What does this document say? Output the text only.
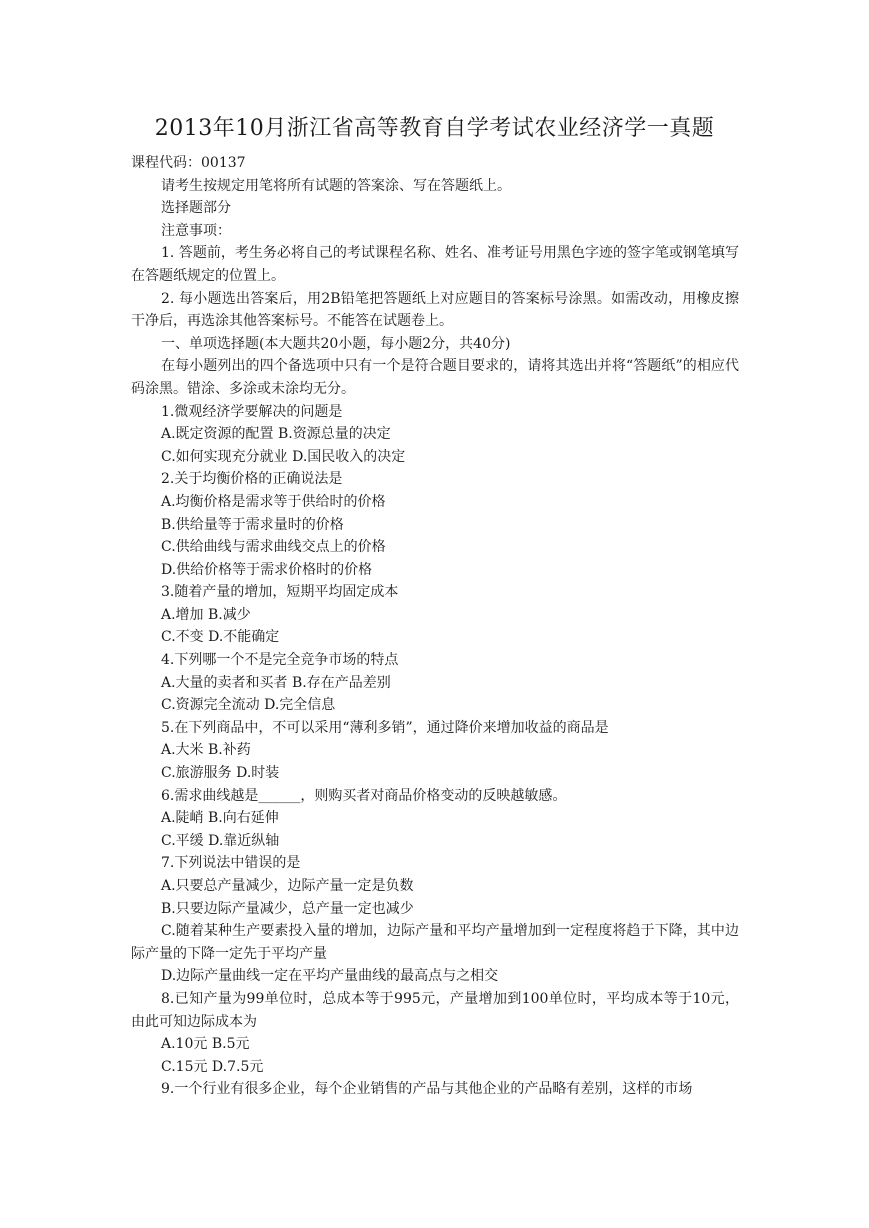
2013年10月浙江省高等教育自学考试农业经济学一真题

课程代码：00137

请考生按规定用笔将所有试题的答案涂、写在答题纸上。

选择题部分

注意事项：

1. 答题前，考生务必将自己的考试课程名称、姓名、准考证号用黑色字迹的签字笔或钢笔填写在答题纸规定的位置上。

2. 每小题选出答案后，用2B铅笔把答题纸上对应题目的答案标号涂黑。如需改动，用橡皮擦干净后，再选涂其他答案标号。不能答在试题卷上。

一、单项选择题(本大题共20小题，每小题2分，共40分)

在每小题列出的四个备选项中只有一个是符合题目要求的，请将其选出并将“答题纸”的相应代码涂黑。错涂、多涂或未涂均无分。

1.微观经济学要解决的问题是

A.既定资源的配置 B.资源总量的决定

C.如何实现充分就业 D.国民收入的决定

2.关于均衡价格的正确说法是

A.均衡价格是需求等于供给时的价格

B.供给量等于需求量时的价格

C.供给曲线与需求曲线交点上的价格

D.供给价格等于需求价格时的价格

3.随着产量的增加，短期平均固定成本

A.增加 B.减少

C.不变 D.不能确定

4.下列哪一个不是完全竞争市场的特点

A.大量的卖者和买者 B.存在产品差别

C.资源完全流动 D.完全信息

5.在下列商品中，不可以采用“薄利多销”，通过降价来增加收益的商品是

A.大米 B.补药

C.旅游服务 D.时装

6.需求曲线越是______，则购买者对商品价格变动的反映越敏感。

A.陡峭 B.向右延伸

C.平缓 D.靠近纵轴

7.下列说法中错误的是

A.只要总产量减少，边际产量一定是负数

B.只要边际产量减少，总产量一定也减少

C.随着某种生产要素投入量的增加，边际产量和平均产量增加到一定程度将趋于下降，其中边际产量的下降一定先于平均产量

D.边际产量曲线一定在平均产量曲线的最高点与之相交

8.已知产量为99单位时，总成本等于995元，产量增加到100单位时，平均成本等于10元，由此可知边际成本为

A.10元 B.5元

C.15元 D.7.5元

9.一个行业有很多企业，每个企业销售的产品与其他企业的产品略有差别，这样的市场
